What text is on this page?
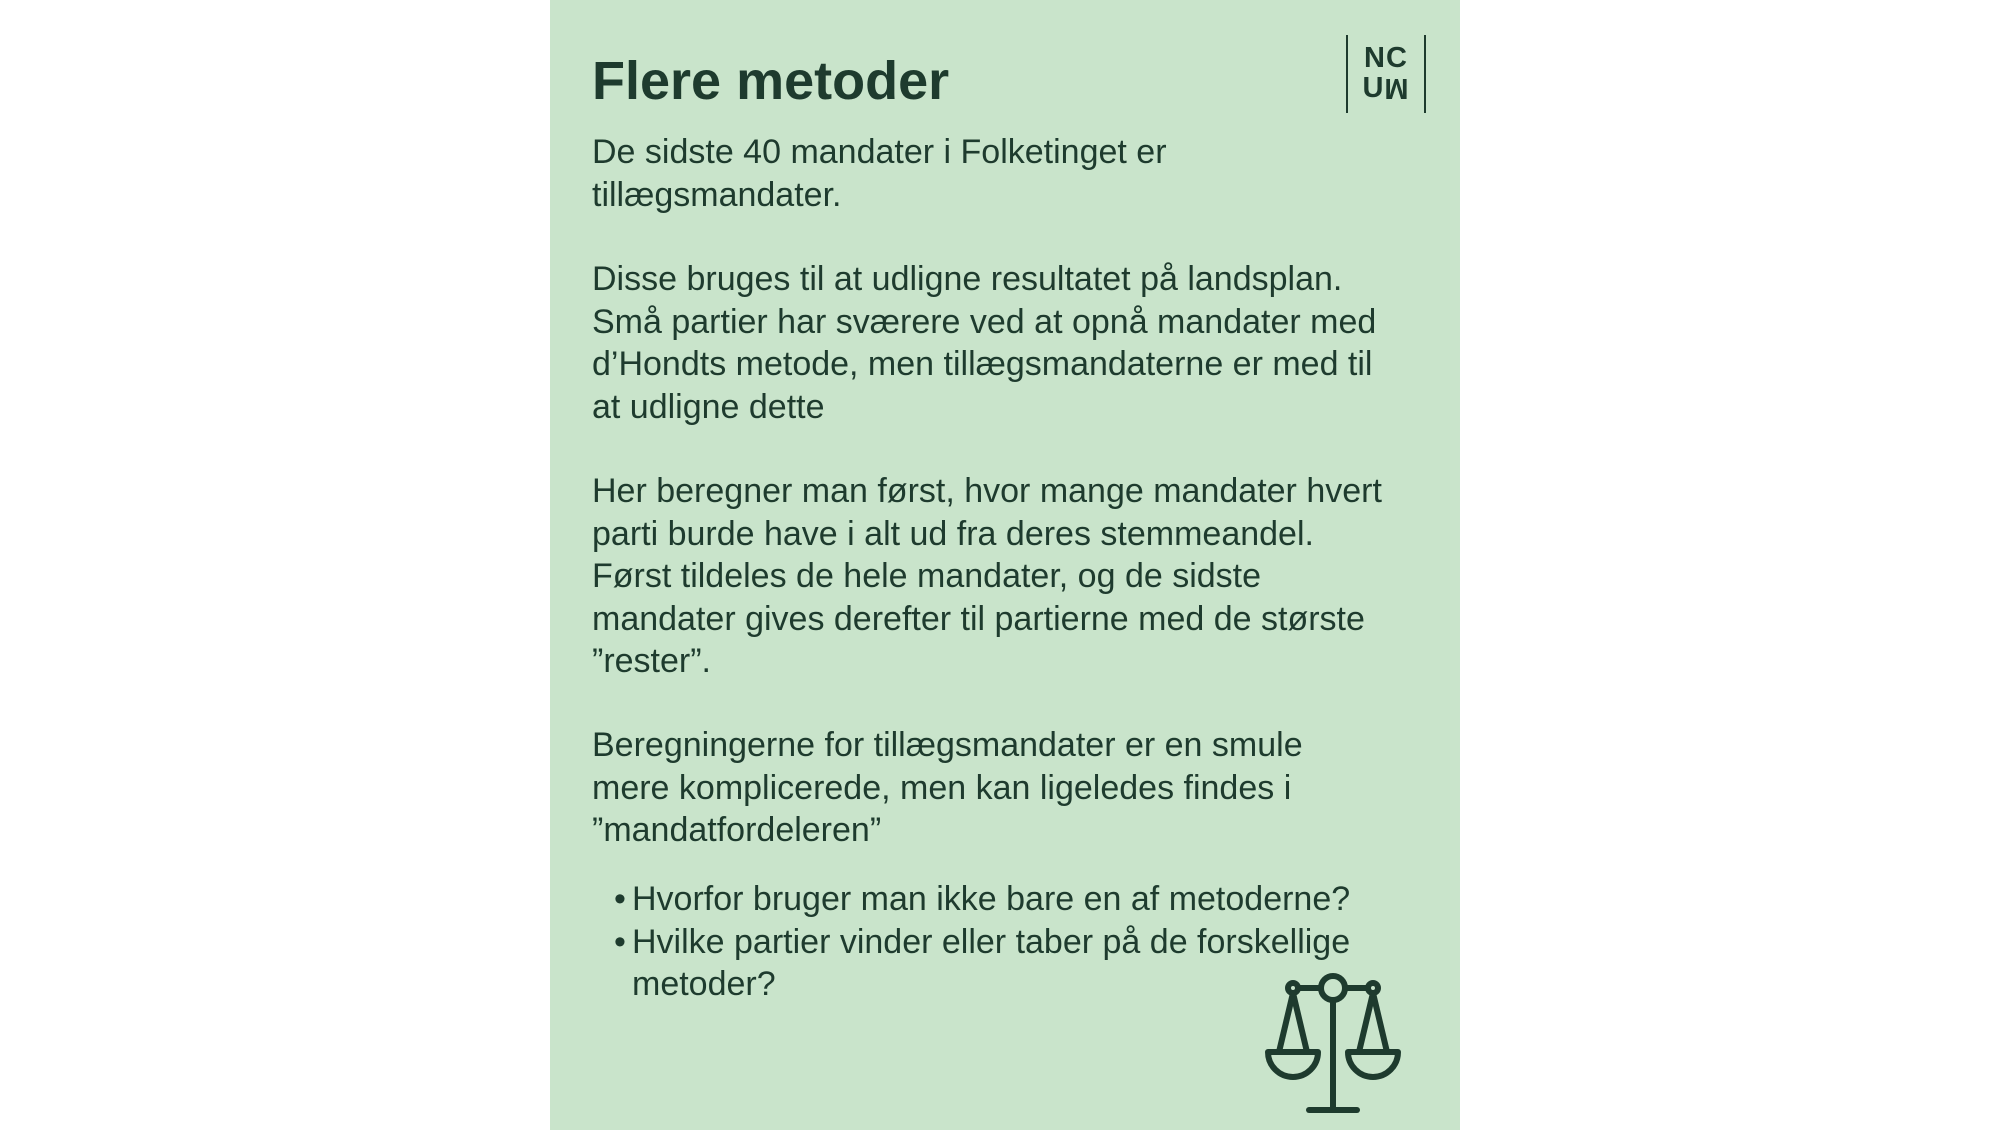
Flere metoder	NC
UM

De sidste 40 mandater i Folketinget er
tillægsmandater.

Disse bruges til at udligne resultatet på landsplan.
Små partier har sværere ved at opnå mandater med
d’Hondts metode, men tillægsmandaterne er med til
at udligne dette

Her beregner man først, hvor mange mandater hvert
parti burde have i alt ud fra deres stemmeandel.
Først tildeles de hele mandater, og de sidste
mandater gives derefter til partierne med de største
”rester”.

Beregningerne for tillægsmandater er en smule
mere komplicerede, men kan ligeledes findes i
”mandatfordeleren”

• Hvorfor bruger man ikke bare en af metoderne?
• Hvilke partier vinder eller taber på de forskellige
metoder?
